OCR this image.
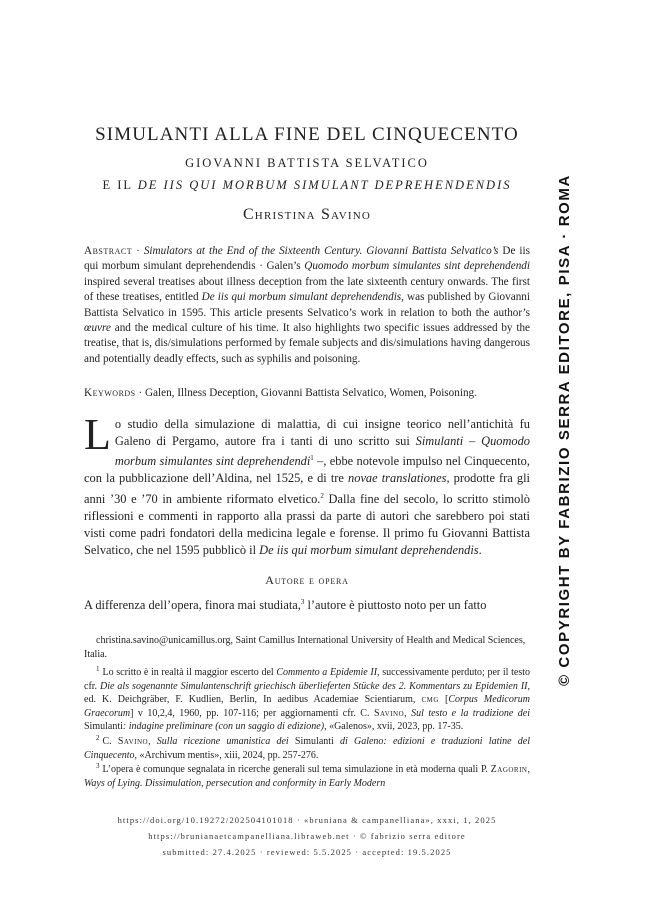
SIMULANTI ALLA FINE DEL CINQUECENTO
GIOVANNI BATTISTA SELVATICO
E IL DE IIS QUI MORBUM SIMULANT DEPREHENDENDIS
Christina Savino
Abstract · Simulators at the End of the Sixteenth Century. Giovanni Battista Selvatico’s De iis qui morbum simulant deprehendendis · Galen’s Quomodo morbum simulantes sint deprehendendi inspired several treatises about illness deception from the late sixteenth century onwards. The first of these treatises, entitled De iis qui morbum simulant deprehendendis, was published by Giovanni Battista Selvatico in 1595. This article presents Selvatico’s work in relation to both the author’s œuvre and the medical culture of his time. It also highlights two specific issues addressed by the treatise, that is, dis/simulations performed by female subjects and dis/simulations having dangerous and potentially deadly effects, such as syphilis and poisoning.
Keywords · Galen, Illness Deception, Giovanni Battista Selvatico, Women, Poisoning.
Lo studio della simulazione di malattia, di cui insigne teorico nell’antichità fu Galeno di Pergamo, autore fra i tanti di uno scritto sui Simulanti – Quomodo morbum simulantes sint deprehendendi$^1$ –, ebbe notevole impulso nel Cinquecento, con la pubblicazione dell’Aldina, nel 1525, e di tre novae translationes, prodotte fra gli anni ’30 e ’70 in ambiente riformato elvetico.$^2$ Dalla fine del secolo, lo scritto stimolò riflessioni e commenti in rapporto alla prassi da parte di autori che sarebbero poi stati visti come padri fondatori della medicina legale e forense. Il primo fu Giovanni Battista Selvatico, che nel 1595 pubblicò il De iis qui morbum simulant deprehendendis.
Autore e opera
A differenza dell’opera, finora mai studiata,$^3$ l’autore è piuttosto noto per un fatto
christina.savino@unicamillus.org, Saint Camillus International University of Health and Medical Sciences, Italia.

$^1$ Lo scritto è in realtà il maggior escerto del Commento a Epidemie II, successivamente perduto; per il testo cfr. Die als sogenannte Simulantenschrift griechisch überlieferten Stücke des 2. Kommentars zu Epidemien II, ed. K. Deichgräber, F. Kudlien, Berlin, In aedibus Academiae Scientiarum, cmg [Corpus Medicorum Graecorum] v 10,2,4, 1960, pp. 107-116; per aggiornamenti cfr. C. Savino, Sul testo e la tradizione dei Simulanti: indagine preliminare (con un saggio di edizione), «Galenos», xvii, 2023, pp. 17-35.

$^2$ C. Savino, Sulla ricezione umanistica dei Simulanti di Galeno: edizioni e traduzioni latine del Cinquecento, «Archivum mentis», xiii, 2024, pp. 257-276.

$^3$ L’opera è comunque segnalata in ricerche generali sul tema simulazione in età moderna quali P. Zagorin, Ways of Lying. Dissimulation, persecution and conformity in Early Modern

https://doi.org/10.19272/202504101018 · «bruniana & campanelliana», xxxi, 1, 2025
https://brunianaetcampanelliana.libraweb.net · © fabrizio serra editore
submitted: 27.4.2025 · reviewed: 5.5.2025 · accepted: 19.5.2025
© COPYRIGHT BY FABRIZIO SERRA EDITORE, PISA · ROMA
